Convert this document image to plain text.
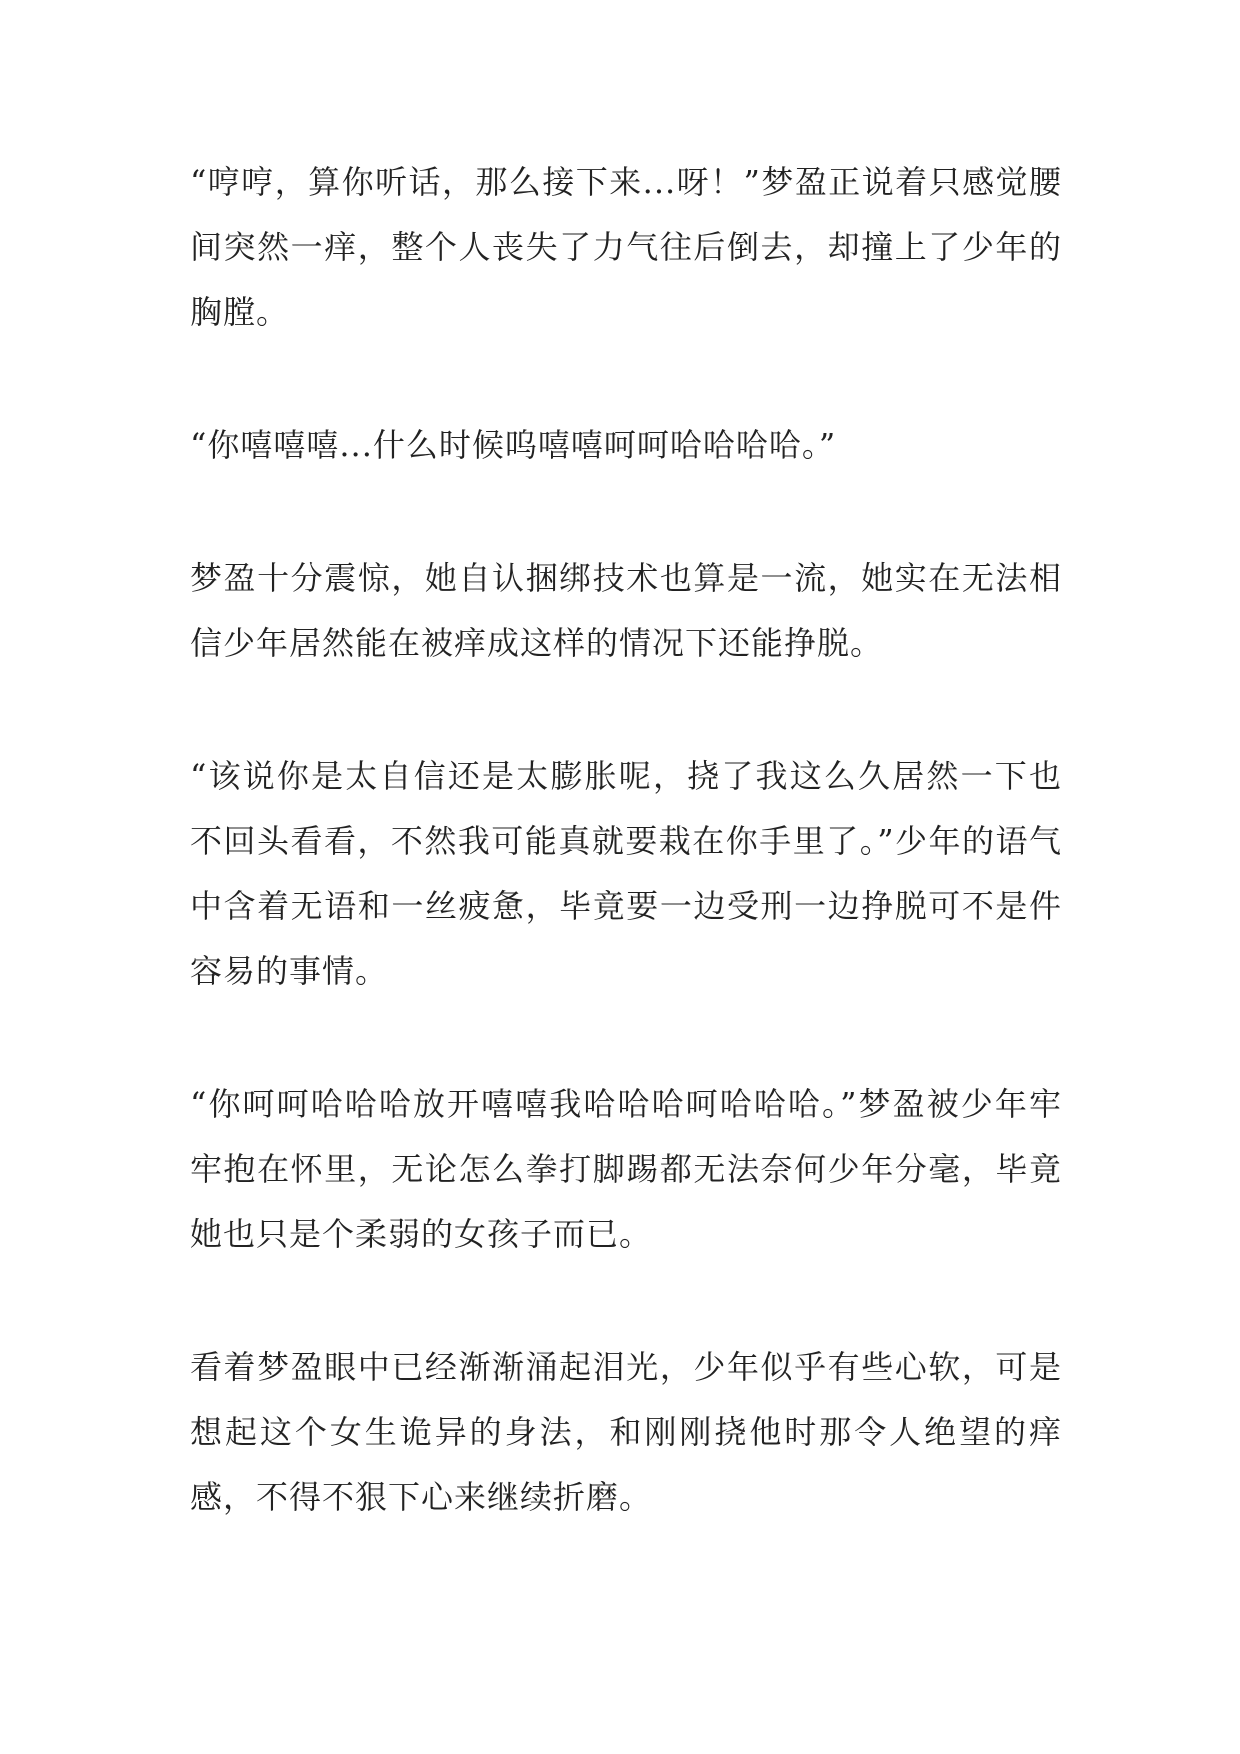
“哼哼，算你听话，那么接下来...呀！”梦盈正说着只感觉腰间突然一痒，整个人丧失了力气往后倒去，却撞上了少年的胸膛。

“你嘻嘻嘻...什么时候呜嘻嘻呵呵哈哈哈哈。”

梦盈十分震惊，她自认捆绑技术也算是一流，她实在无法相信少年居然能在被痒成这样的情况下还能挣脱。

“该说你是太自信还是太膨胀呢，挠了我这么久居然一下也不回头看看，不然我可能真就要栽在你手里了。”少年的语气中含着无语和一丝疲惫，毕竟要一边受刑一边挣脱可不是件容易的事情。

“你呵呵哈哈哈放开嘻嘻我哈哈哈呵哈哈哈。”梦盈被少年牢牢抱在怀里，无论怎么拳打脚踢都无法奈何少年分毫，毕竟她也只是个柔弱的女孩子而已。

看着梦盈眼中已经渐渐涌起泪光，少年似乎有些心软，可是想起这个女生诡异的身法，和刚刚挠他时那令人绝望的痒感，不得不狠下心来继续折磨。
